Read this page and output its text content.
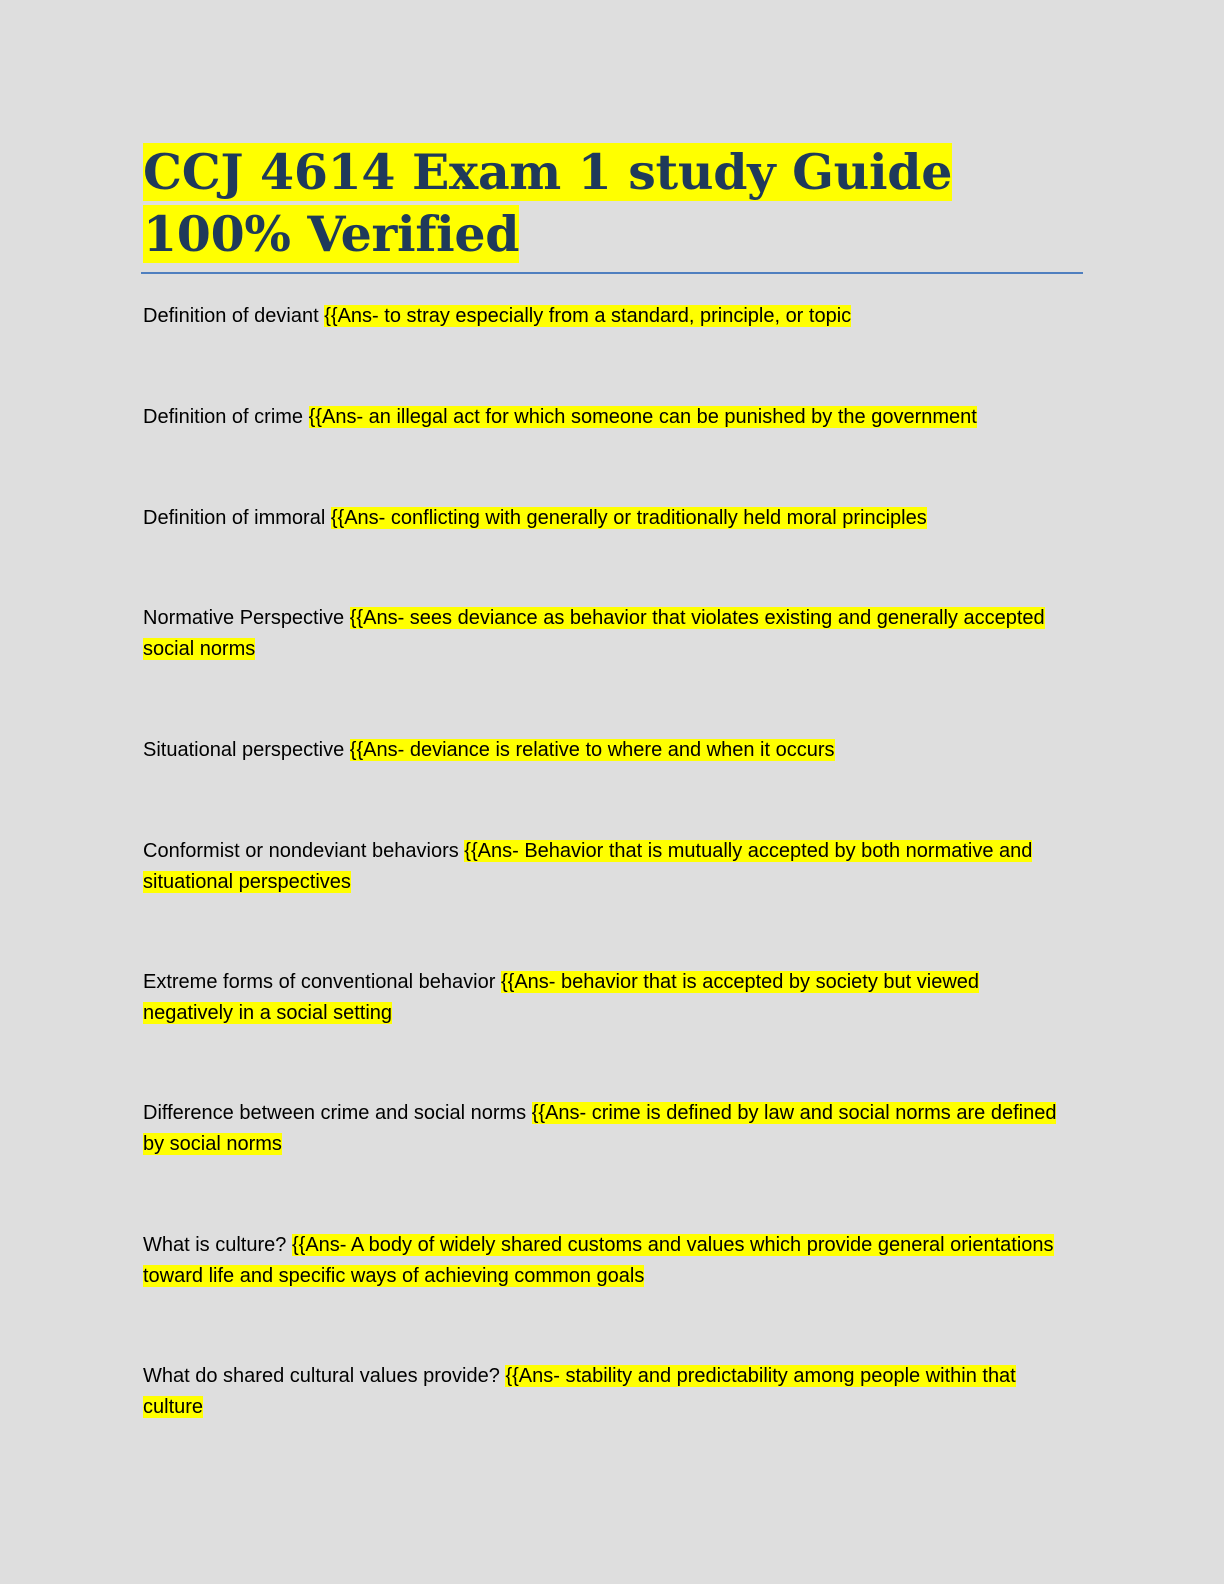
CCJ 4614 Exam 1 study Guide 100% Verified

Definition of deviant {{Ans- to stray especially from a standard, principle, or topic

Definition of crime {{Ans- an illegal act for which someone can be punished by the government

Definition of immoral {{Ans- conflicting with generally or traditionally held moral principles

Normative Perspective {{Ans- sees deviance as behavior that violates existing and generally accepted social norms

Situational perspective {{Ans- deviance is relative to where and when it occurs

Conformist or nondeviant behaviors {{Ans- Behavior that is mutually accepted by both normative and situational perspectives

Extreme forms of conventional behavior {{Ans- behavior that is accepted by society but viewed negatively in a social setting

Difference between crime and social norms {{Ans- crime is defined by law and social norms are defined by social norms

What is culture? {{Ans- A body of widely shared customs and values which provide general orientations toward life and specific ways of achieving common goals

What do shared cultural values provide? {{Ans- stability and predictability among people within that culture
